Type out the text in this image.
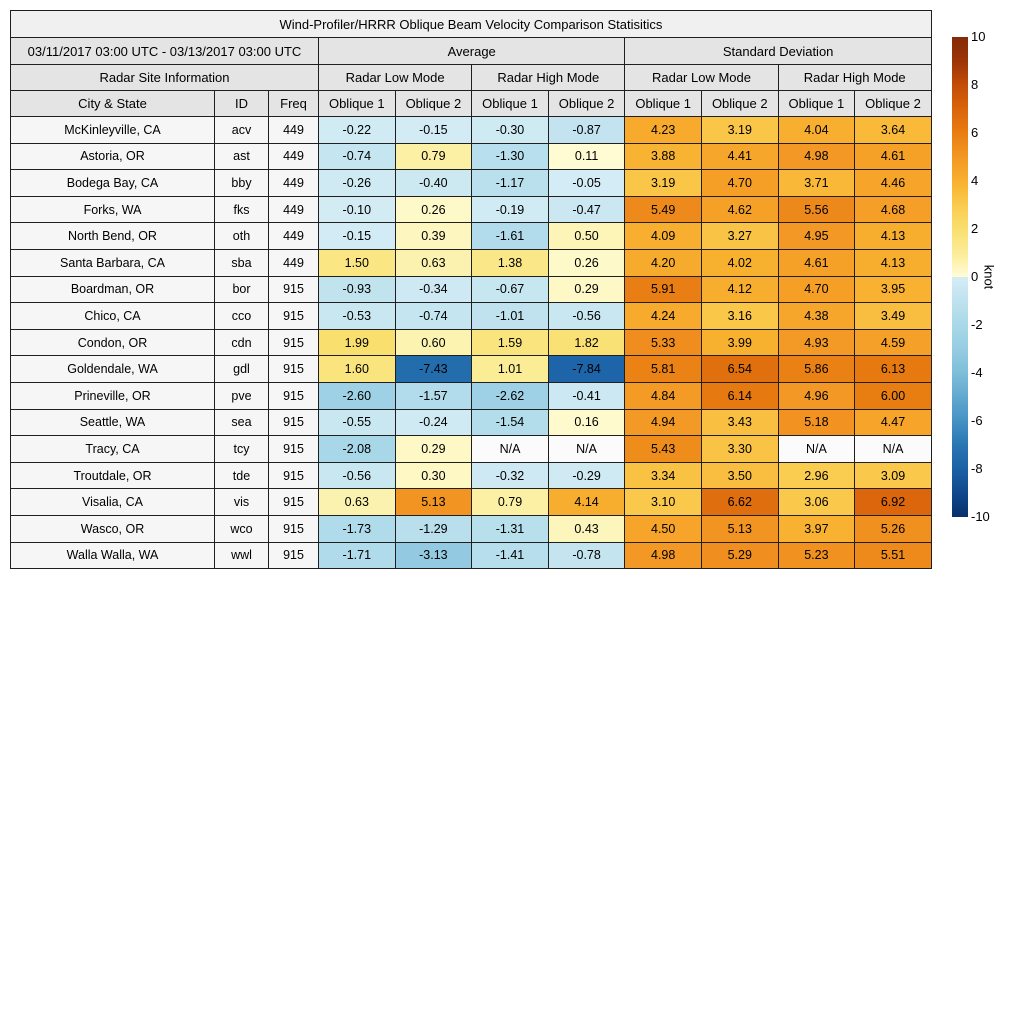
Wind-Profiler/HRRR Oblique Beam Velocity Comparison Statisitics										
03/11/2017 03:00 UTC - 03/13/2017 03:00 UTC			Average				Standard Deviation			
Radar Site Information			Radar Low Mode		Radar High Mode		Radar Low Mode		Radar High Mode	
City & State	ID	Freq	Oblique 1	Oblique 2	Oblique 1	Oblique 2	Oblique 1	Oblique 2	Oblique 1	Oblique 2
McKinleyville, CA	acv	449	-0.22	-0.15	-0.30	-0.87	4.23	3.19	4.04	3.64
Astoria, OR	ast	449	-0.74	0.79	-1.30	0.11	3.88	4.41	4.98	4.61
Bodega Bay, CA	bby	449	-0.26	-0.40	-1.17	-0.05	3.19	4.70	3.71	4.46
Forks, WA	fks	449	-0.10	0.26	-0.19	-0.47	5.49	4.62	5.56	4.68
North Bend, OR	oth	449	-0.15	0.39	-1.61	0.50	4.09	3.27	4.95	4.13
Santa Barbara, CA	sba	449	1.50	0.63	1.38	0.26	4.20	4.02	4.61	4.13
Boardman, OR	bor	915	-0.93	-0.34	-0.67	0.29	5.91	4.12	4.70	3.95
Chico, CA	cco	915	-0.53	-0.74	-1.01	-0.56	4.24	3.16	4.38	3.49
Condon, OR	cdn	915	1.99	0.60	1.59	1.82	5.33	3.99	4.93	4.59
Goldendale, WA	gdl	915	1.60	-7.43	1.01	-7.84	5.81	6.54	5.86	6.13
Prineville, OR	pve	915	-2.60	-1.57	-2.62	-0.41	4.84	6.14	4.96	6.00
Seattle, WA	sea	915	-0.55	-0.24	-1.54	0.16	4.94	3.43	5.18	4.47
Tracy, CA	tcy	915	-2.08	0.29	N/A	N/A	5.43	3.30	N/A	N/A
Troutdale, OR	tde	915	-0.56	0.30	-0.32	-0.29	3.34	3.50	2.96	3.09
Visalia, CA	vis	915	0.63	5.13	0.79	4.14	3.10	6.62	3.06	6.92
Wasco, OR	wco	915	-1.73	-1.29	-1.31	0.43	4.50	5.13	3.97	5.26
Walla Walla, WA	wwl	915	-1.71	-3.13	-1.41	-0.78	4.98	5.29	5.23	5.51
10
8
6
4
2
0
-2
-4
-6
-8
-10
knot
